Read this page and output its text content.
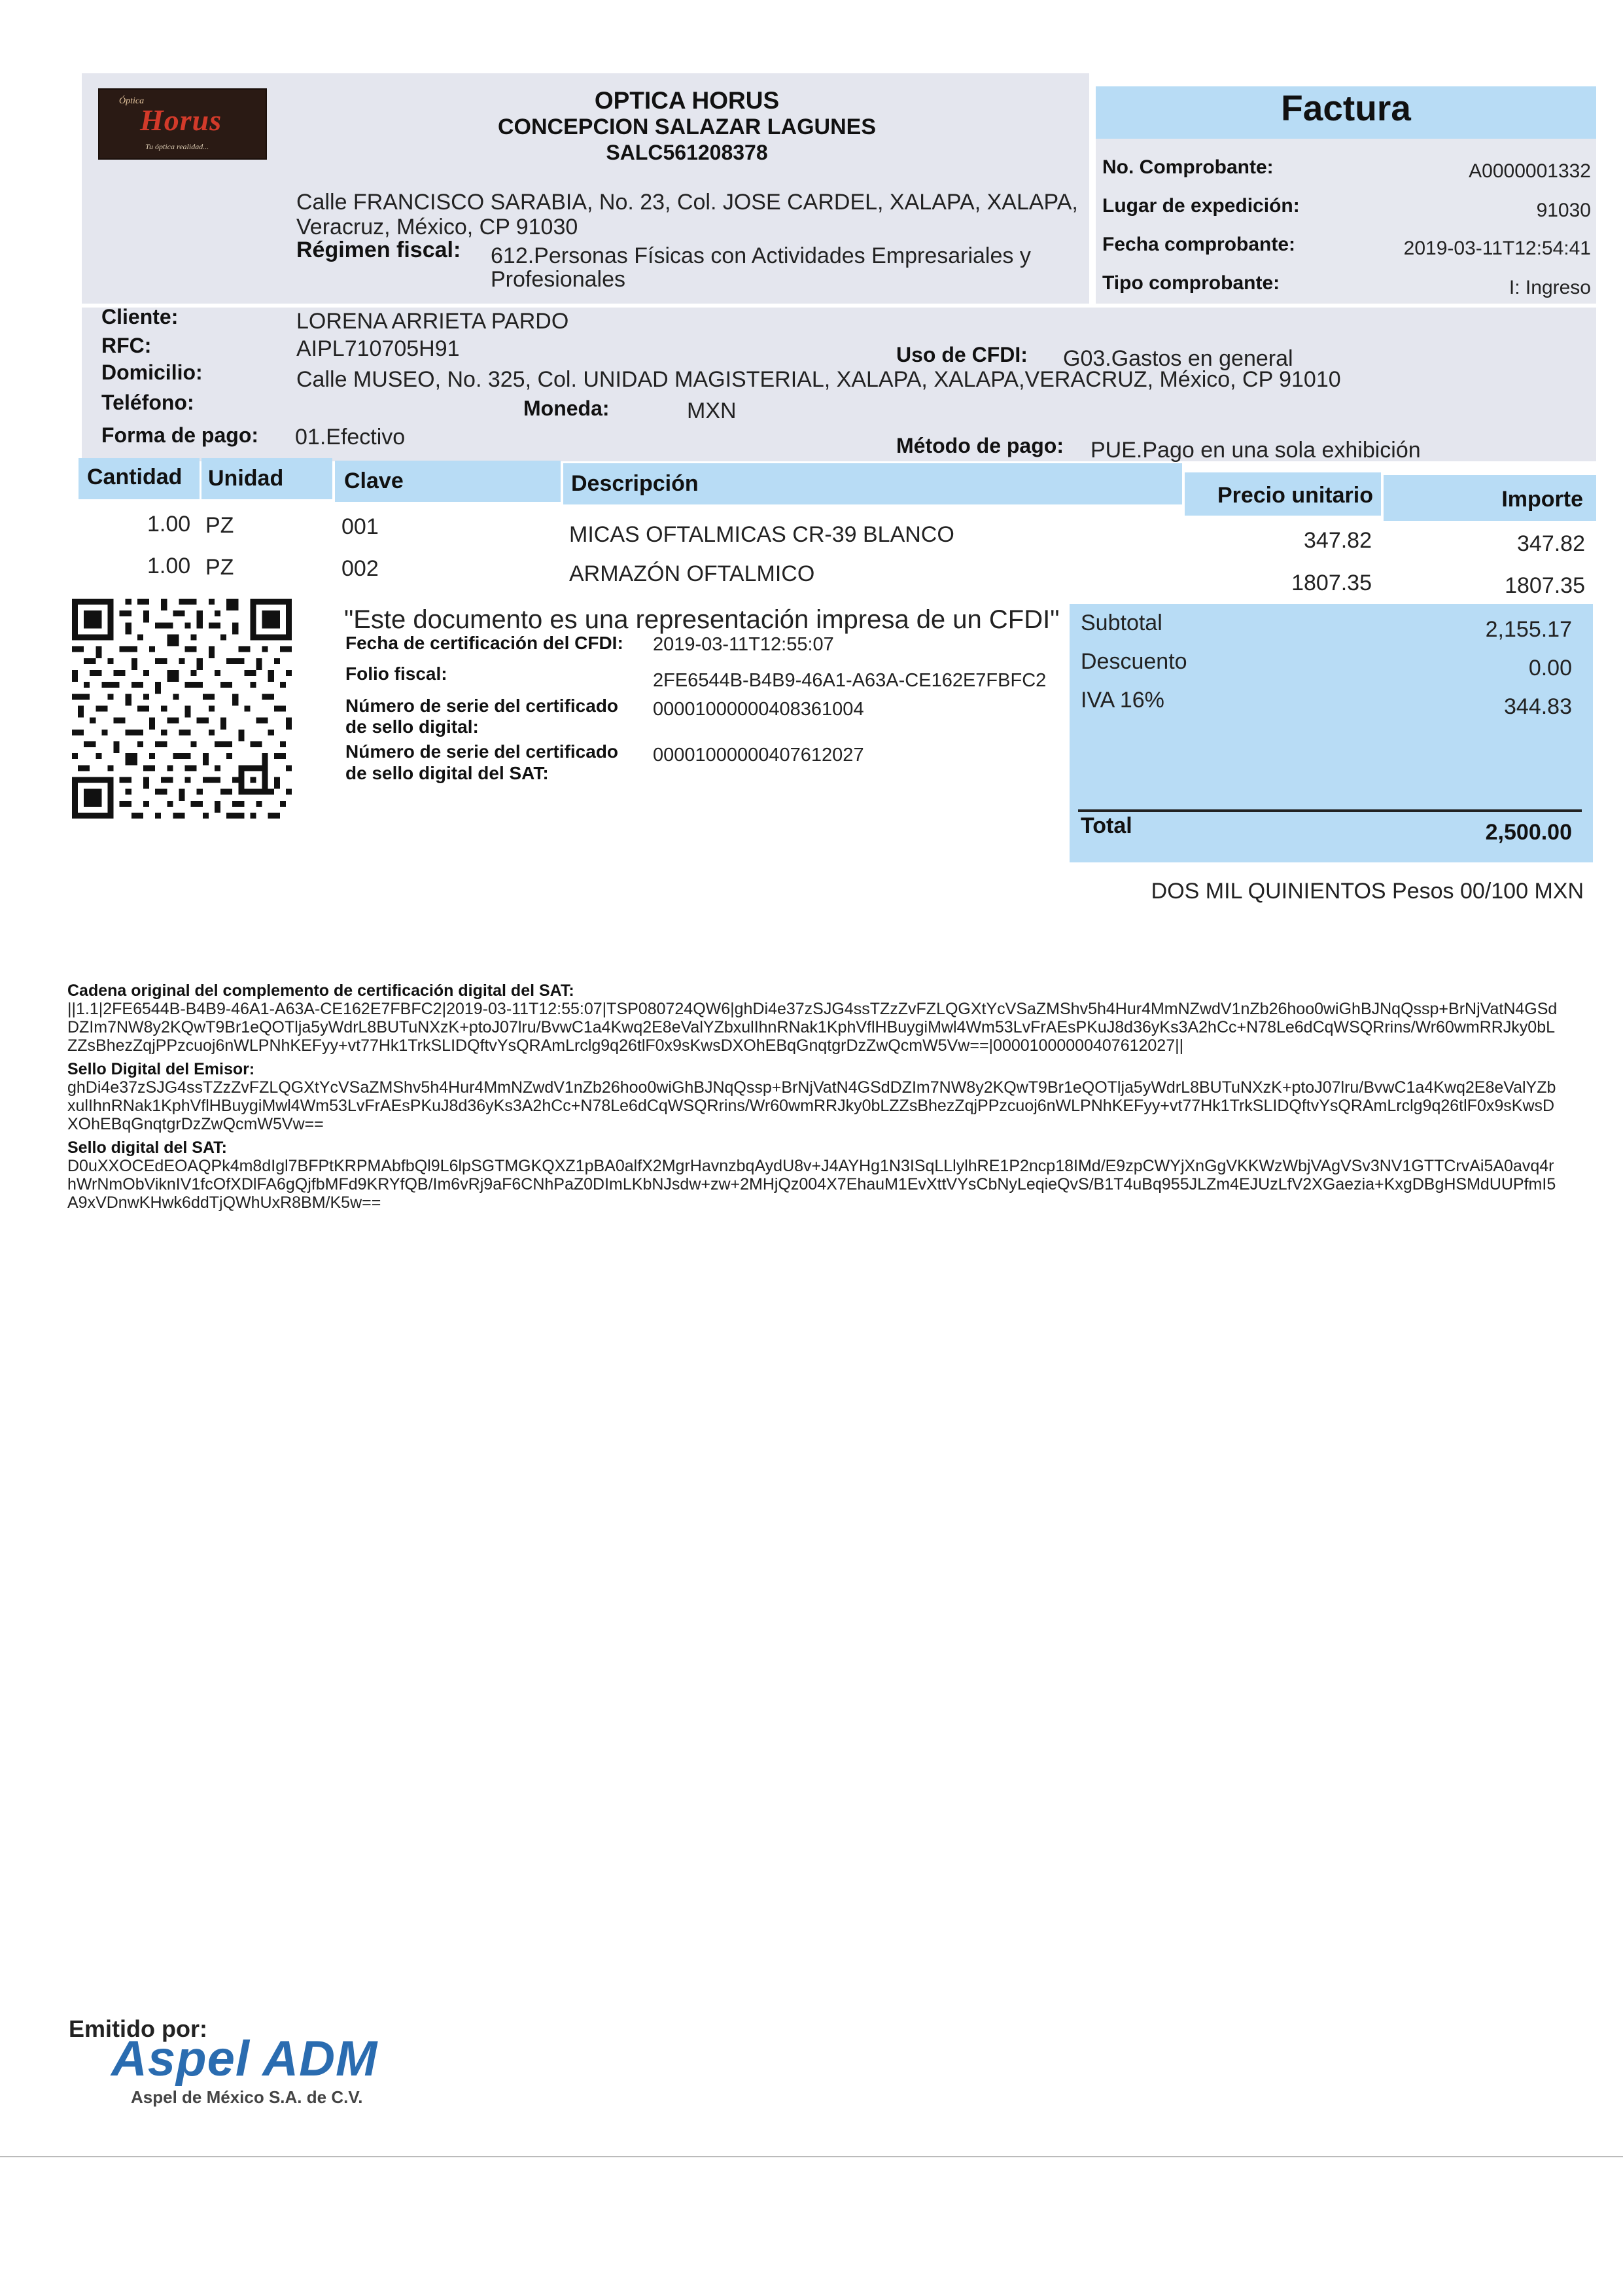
Óptica
Horus
Tu óptica realidad...
OPTICA HORUS
CONCEPCION SALAZAR LAGUNES
SALC561208378
Calle FRANCISCO SARABIA, No. 23, Col. JOSE CARDEL, XALAPA, XALAPA,
Veracruz, México, CP 91030
Régimen fiscal: 612.Personas Físicas con Actividades Empresariales y
Profesionales
Factura
No. Comprobante:	A0000001332
Lugar de expedición:	91030
Fecha comprobante:	2019-03-11T12:54:41
Tipo comprobante:	I: Ingreso
Cliente:	LORENA ARRIETA PARDO
RFC:	AIPL710705H91	Uso de CFDI: G03.Gastos en general
Domicilio:	Calle MUSEO, No. 325, Col. UNIDAD MAGISTERIAL, XALAPA, XALAPA,VERACRUZ, México, CP 91010
Teléfono:	Moneda:	MXN
Forma de pago: 01.Efectivo	Método de pago: PUE.Pago en una sola exhibición
Cantidad Unidad	Clave	Descripción	Precio unitario	Importe
1.00 PZ	001	MICAS OFTALMICAS CR-39 BLANCO	347.82	347.82
1.00 PZ	002	ARMAZÓN OFTALMICO	1807.35	1807.35
"Este documento es una representación impresa de un CFDI"
Fecha de certificación del CFDI: 2019-03-11T12:55:07
Folio fiscal:	2FE6544B-B4B9-46A1-A63A-CE162E7FBFC2
Número de serie del certificado
de sello digital:
00001000000408361004
Número de serie del certificado
de sello digital del SAT:
00001000000407612027
Subtotal	2,155.17
Descuento	0.00
IVA 16%	344.83
Total	2,500.00
DOS MIL QUINIENTOS Pesos 00/100 MXN
Cadena original del complemento de certificación digital del SAT:
||1.1|2FE6544B-B4B9-46A1-A63A-CE162E7FBFC2|2019-03-11T12:55:07|TSP080724QW6|ghDi4e37zSJG4ssTZzZvFZLQGXtYcVSaZMShv5h4Hur4MmNZwdV1nZb26hoo0wiGhBJNqQssp+BrNjVatN4GSdDZIm7NW8y2KQwT9Br1eQOTlja5yWdrL8BUTuNXzK+ptoJ07lru/BvwC1a4Kwq2E8eValYZbxulIhnRNak1KphVflHBuygiMwl4Wm53LvFrAEsPKuJ8d36yKs3A2hCc+N78Le6dCqWSQRrins/Wr60wmRRJky0bLZZsBhezZqjPPzcuoj6nWLPNhKEFyy+vt77Hk1TrkSLIDQftvYsQRAmLrclg9q26tlF0x9sKwsDXOhEBqGnqtgrDzZwQcmW5Vw==|00001000000407612027||
Sello Digital del Emisor:
ghDi4e37zSJG4ssTZzZvFZLQGXtYcVSaZMShv5h4Hur4MmNZwdV1nZb26hoo0wiGhBJNqQssp+BrNjVatN4GSdDZIm7NW8y2KQwT9Br1eQOTlja5yWdrL8BUTuNXzK+ptoJ07lru/BvwC1a4Kwq2E8eValYZbxulIhnRNak1KphVflHBuygiMwl4Wm53LvFrAEsPKuJ8d36yKs3A2hCc+N78Le6dCqWSQRrins/Wr60wmRRJky0bLZZsBhezZqjPPzcuoj6nWLPNhKEFyy+vt77Hk1TrkSLIDQftvYsQRAmLrclg9q26tlF0x9sKwsDXOhEBqGnqtgrDzZwQcmW5Vw==
Sello digital del SAT:
D0uXXOCEdEOAQPk4m8dIgl7BFPtKRPMAbfbQl9L6lpSGTMGKQXZ1pBA0alfX2MgrHavnzbqAydU8v+J4AYHg1N3ISqLLlylhRE1P2ncp18IMd/E9zpCWYjXnGgVKKWzWbjVAgVSv3NV1GTTCrvAi5A0avq4rhWrNmObViknIV1fcOfXDlFA6gQjfbMFd9KRYfQB/Im6vRj9aF6CNhPaZ0DImLKbNJsdw+zw+2MHjQz004X7EhauM1EvXttVYsCbNyLeqieQvS/B1T4uBq955JLZm4EJUzLfV2XGaezia+KxgDBgHSMdUUPfmI5A9xVDnwKHwk6ddTjQWhUxR8BM/K5w==
Emitido por:
Aspel ADM
Aspel de México S.A. de C.V.
